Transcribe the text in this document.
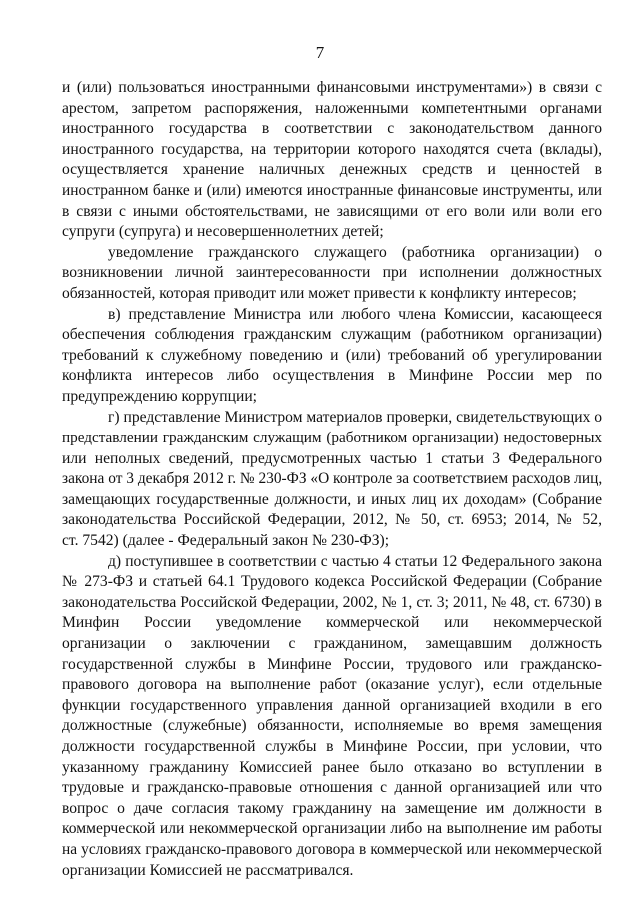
7
и (или) пользоваться иностранными финансовыми инструментами») в связи с
арестом, запретом распоряжения, наложенными компетентными органами
иностранного государства в соответствии с законодательством данного
иностранного государства, на территории которого находятся счета (вклады),
осуществляется хранение наличных денежных средств и ценностей в
иностранном банке и (или) имеются иностранные финансовые инструменты, или
в связи с иными обстоятельствами, не зависящими от его воли или воли его
супруги (супруга) и несовершеннолетних детей;
уведомление гражданского служащего (работника организации) о
возникновении личной заинтересованности при исполнении должностных
обязанностей, которая приводит или может привести к конфликту интересов;
в) представление Министра или любого члена Комиссии, касающееся
обеспечения соблюдения гражданским служащим (работником организации)
требований к служебному поведению и (или) требований об урегулировании
конфликта интересов либо осуществления в Минфине России мер по
предупреждению коррупции;
г) представление Министром материалов проверки, свидетельствующих о
представлении гражданским служащим (работником организации) недостоверных
или неполных сведений, предусмотренных частью 1 статьи 3 Федерального
закона от 3 декабря 2012 г. № 230-ФЗ «О контроле за соответствием расходов лиц,
замещающих государственные должности, и иных лиц их доходам» (Собрание
законодательства Российской Федерации, 2012, № 50, ст. 6953; 2014, № 52,
ст. 7542) (далее - Федеральный закон № 230-ФЗ);
д) поступившее в соответствии с частью 4 статьи 12 Федерального закона
№ 273-ФЗ и статьей 64.1 Трудового кодекса Российской Федерации (Собрание
законодательства Российской Федерации, 2002, № 1, ст. 3; 2011, № 48, ст. 6730) в
Минфин России уведомление коммерческой или некоммерческой
организации о заключении с гражданином, замещавшим должность
государственной службы в Минфине России, трудового или гражданско-
правового договора на выполнение работ (оказание услуг), если отдельные
функции государственного управления данной организацией входили в его
должностные (служебные) обязанности, исполняемые во время замещения
должности государственной службы в Минфине России, при условии, что
указанному гражданину Комиссией ранее было отказано во вступлении в
трудовые и гражданско-правовые отношения с данной организацией или что
вопрос о даче согласия такому гражданину на замещение им должности в
коммерческой или некоммерческой организации либо на выполнение им работы
на условиях гражданско-правового договора в коммерческой или некоммерческой
организации Комиссией не рассматривался.
